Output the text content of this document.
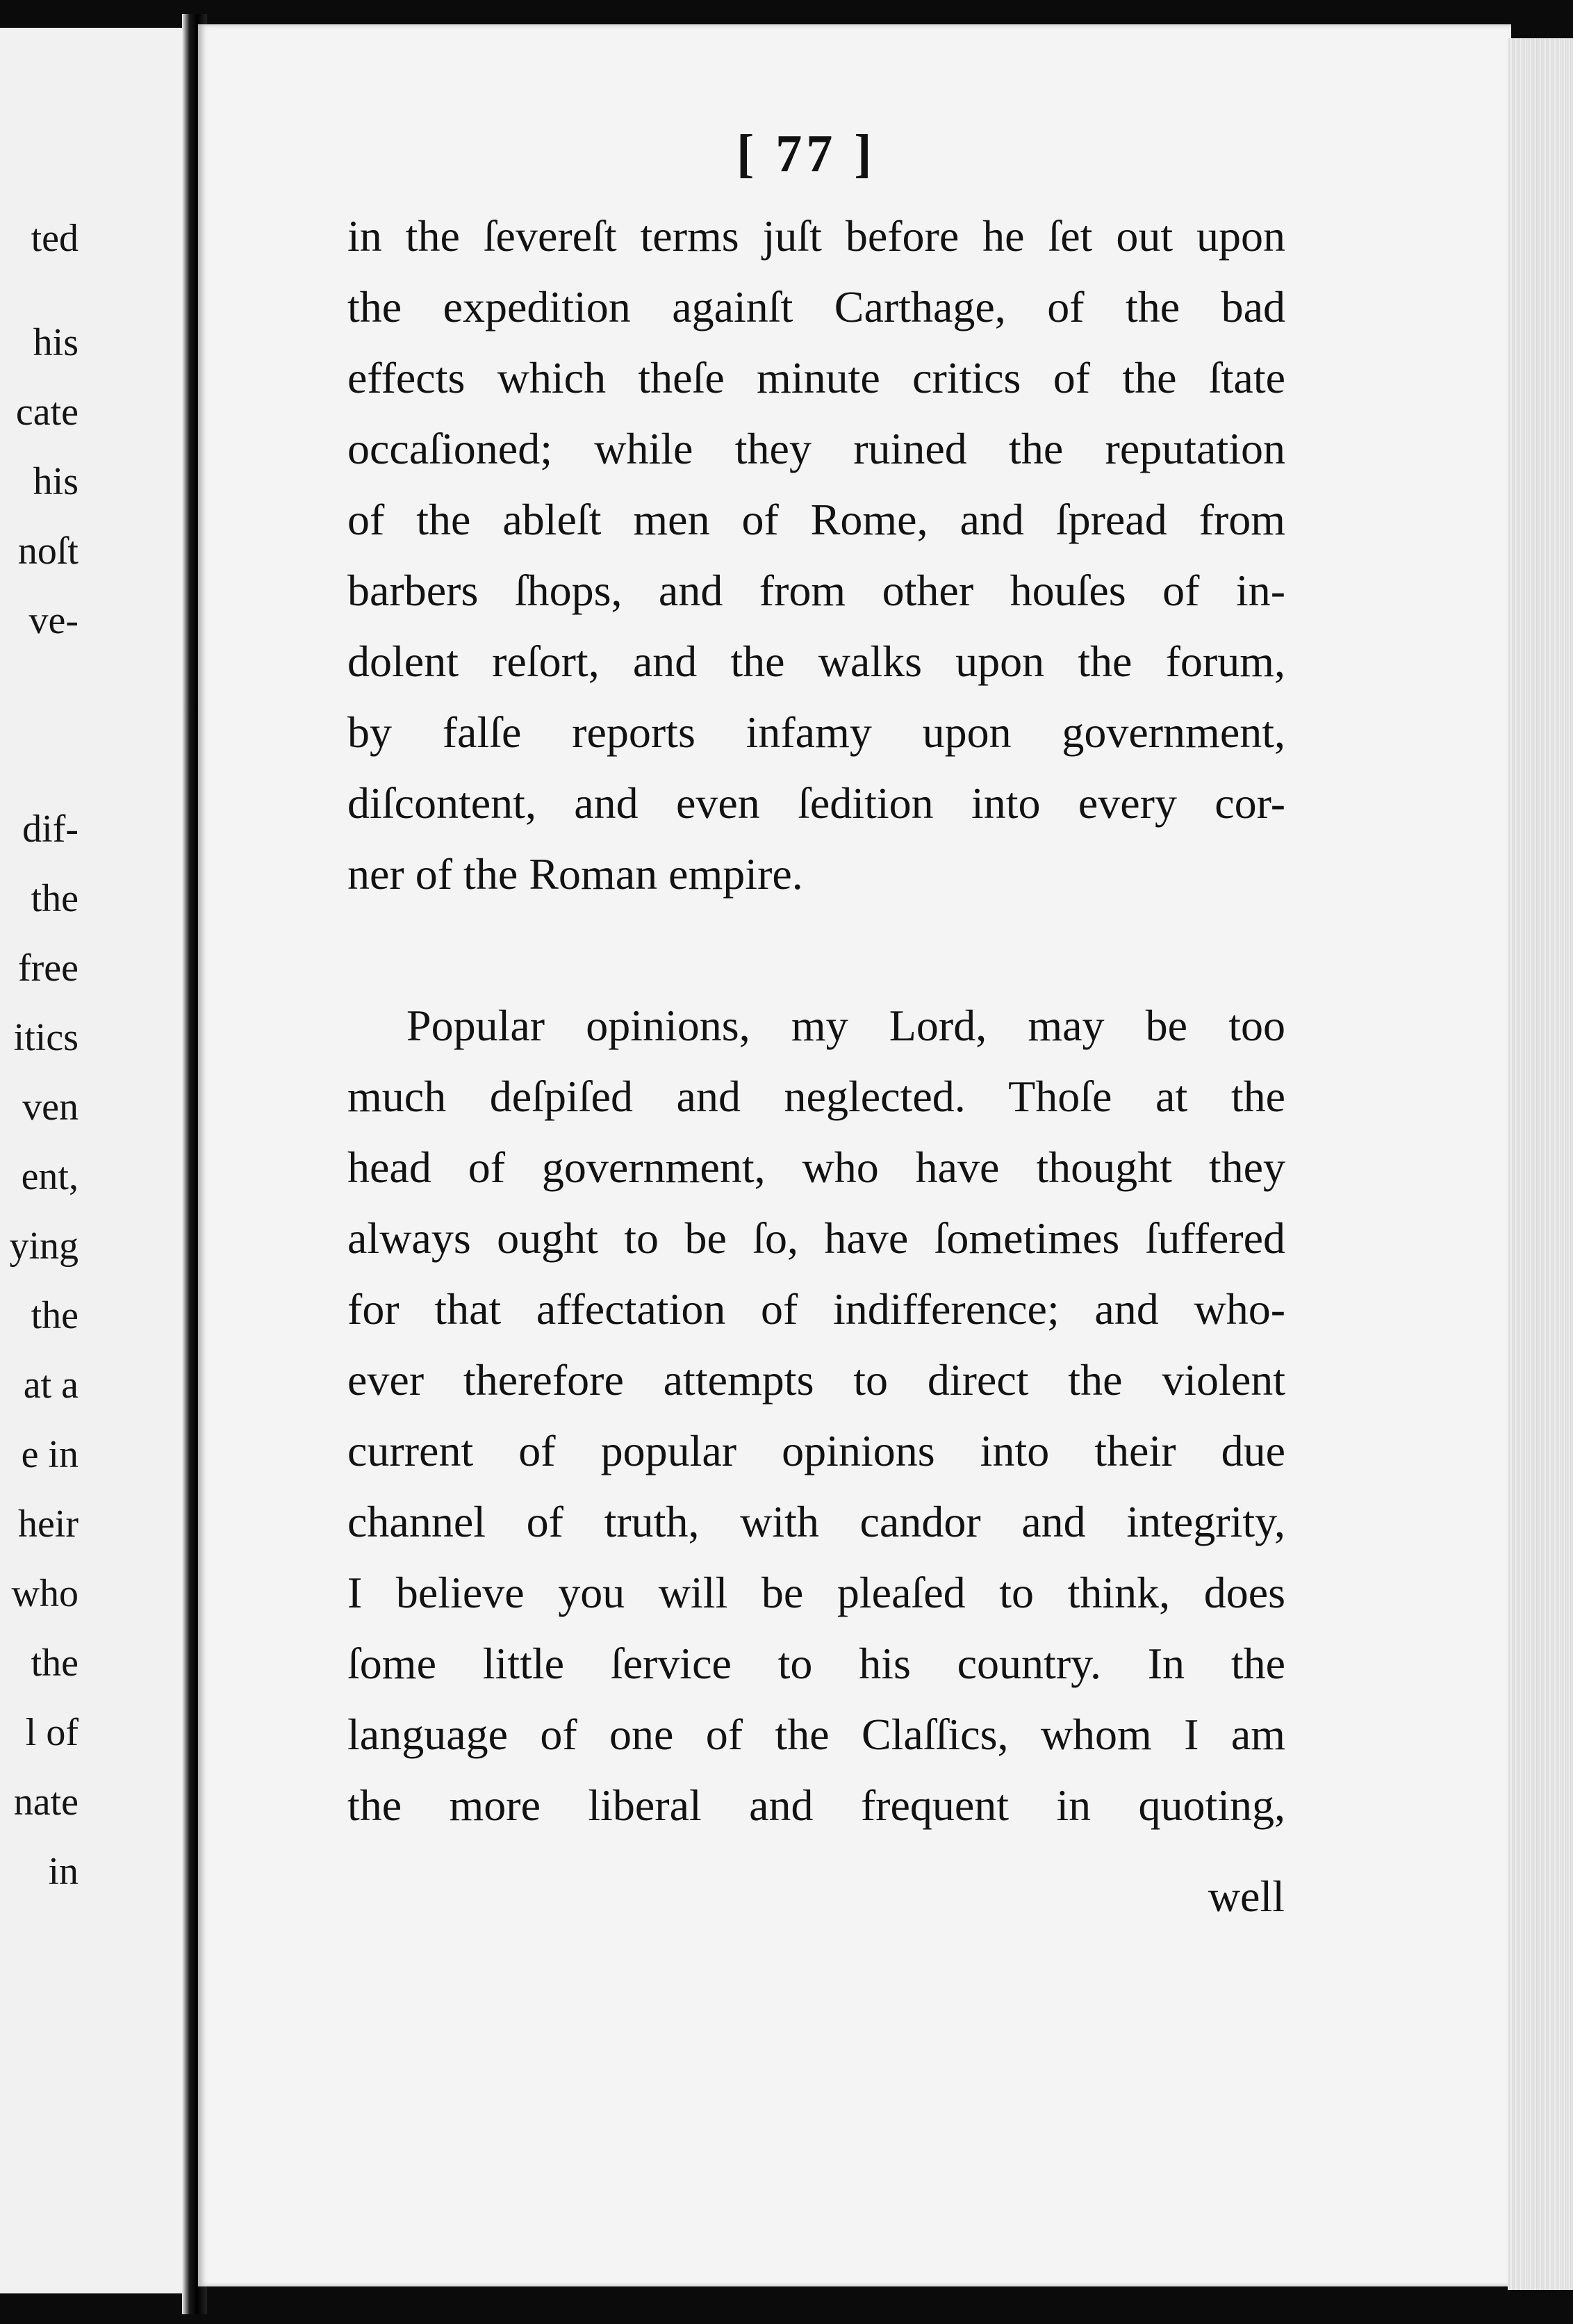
ted
his
cate
his
noſt
ve-
dif-
the
free
itics
ven
ent,
ying
the
at a
e in
heir
who
the
l of
nate
in
[ 77 ]
in the ſevereſt terms juſt before he ſet out upon
the expedition againſt Carthage, of the bad
effects which theſe minute critics of the ſtate
occaſioned; while they ruined the reputation
of the ableſt men of Rome, and ſpread from
barbers ſhops, and from other houſes of in-
dolent reſort, and the walks upon the forum,
by falſe reports infamy upon government,
diſcontent, and even ſedition into every cor-
ner of the Roman empire.
Popular opinions, my Lord, may be too
much deſpiſed and neglected. Thoſe at the
head of government, who have thought they
always ought to be ſo, have ſometimes ſuffered
for that affectation of indifference; and who-
ever therefore attempts to direct the violent
current of popular opinions into their due
channel of truth, with candor and integrity,
I believe you will be pleaſed to think, does
ſome little ſervice to his country. In the
language of one of the Claſſics, whom I am
the more liberal and frequent in quoting,
well
